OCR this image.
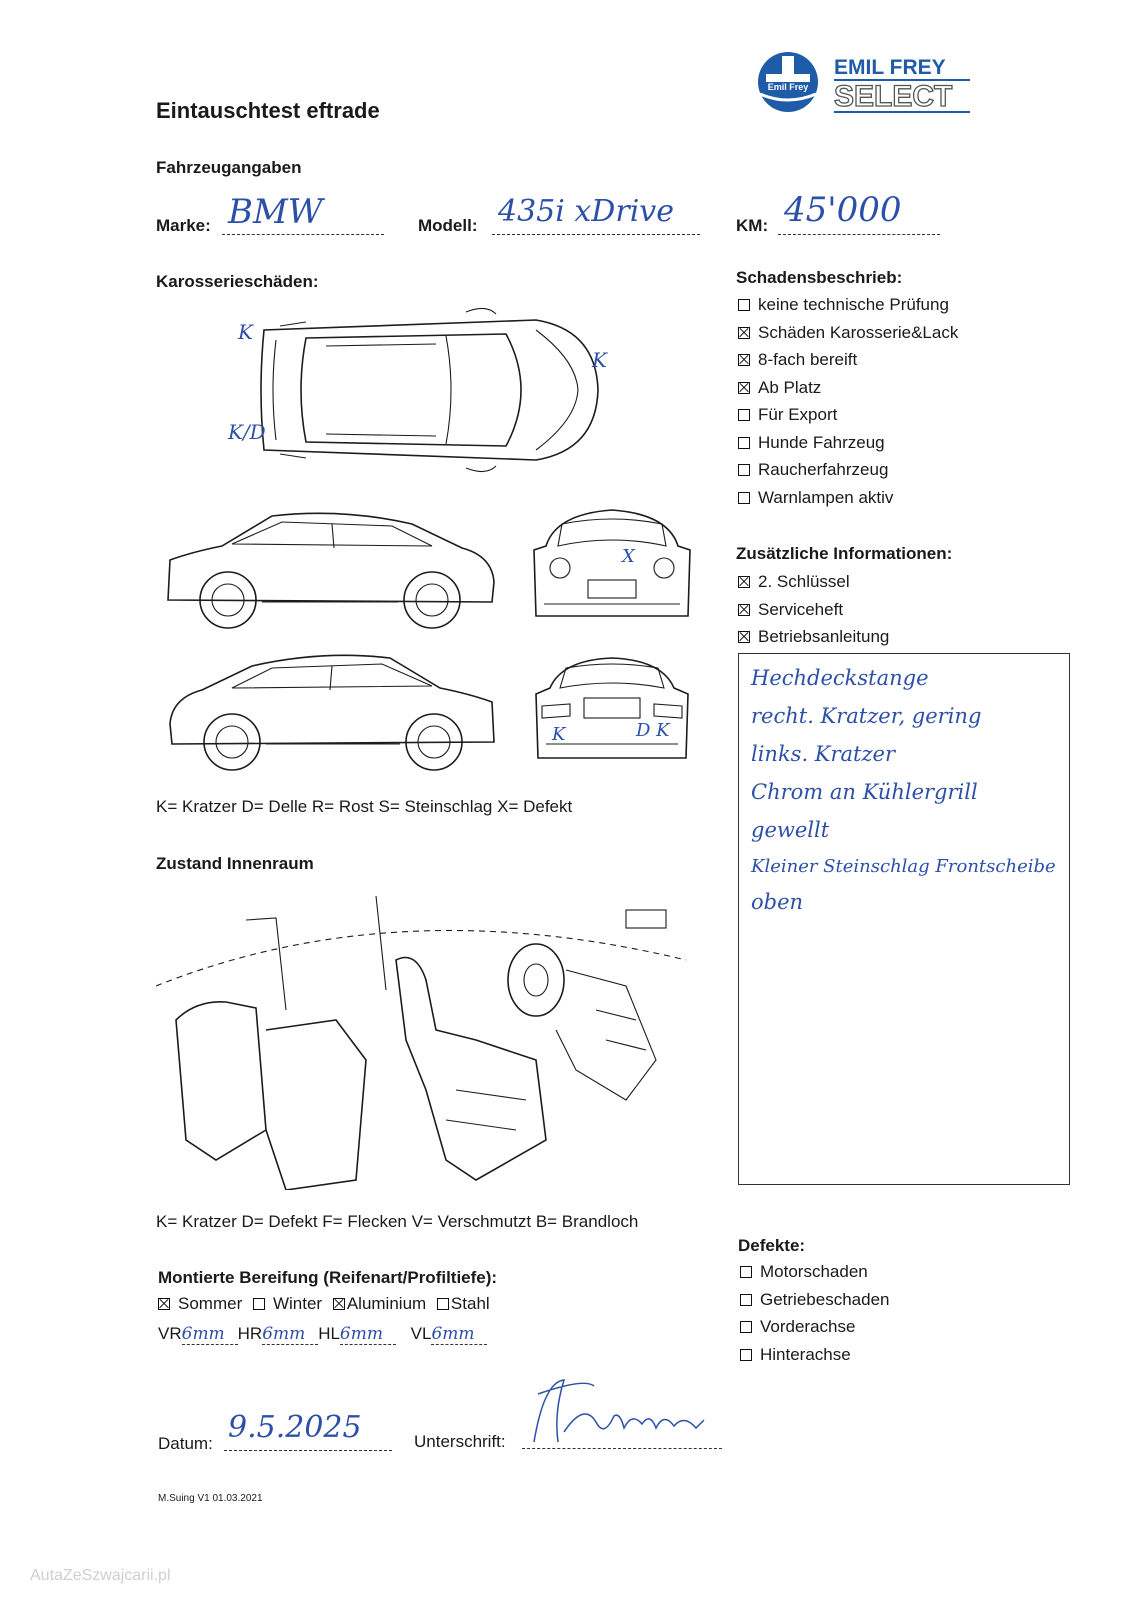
Eintauschtest eftrade
Emil Frey
EMIL FREY
SELECT
Fahrzeugangaben
Marke: BMW	Modell: 435i xDrive	KM: 45'000
Karosserieschäden:
K
K/D
K
X
K	D K
K= Kratzer D= Delle R= Rost S= Steinschlag X= Defekt
Zustand Innenraum
K= Kratzer D= Defekt F= Flecken V= Verschmutzt B= Brandloch
Schadensbeschrieb:
keine technische Prüfung
Schäden Karosserie&Lack
8-fach bereift
Ab Platz
Für Export
Hunde Fahrzeug
Raucherfahrzeug
Warnlampen aktiv
Zusätzliche Informationen:
2. Schlüssel
Serviceheft
Betriebsanleitung
Hechdeckstange
recht. Kratzer, gering
links. Kratzer
Chrom an Kühlergrill
gewellt
Kleiner Steinschlag Frontscheibe
oben
Montierte Bereifung (Reifenart/Profiltiefe):
Sommer Winter Aluminium Stahl
VR6mm HR6mm HL6mm VL6mm
Defekte:
Motorschaden
Getriebeschaden
Vorderachse
Hinterachse
Datum: 9.5.2025	Unterschrift:
M.Suing V1 01.03.2021
AutaZeSzwajcarii.pl
